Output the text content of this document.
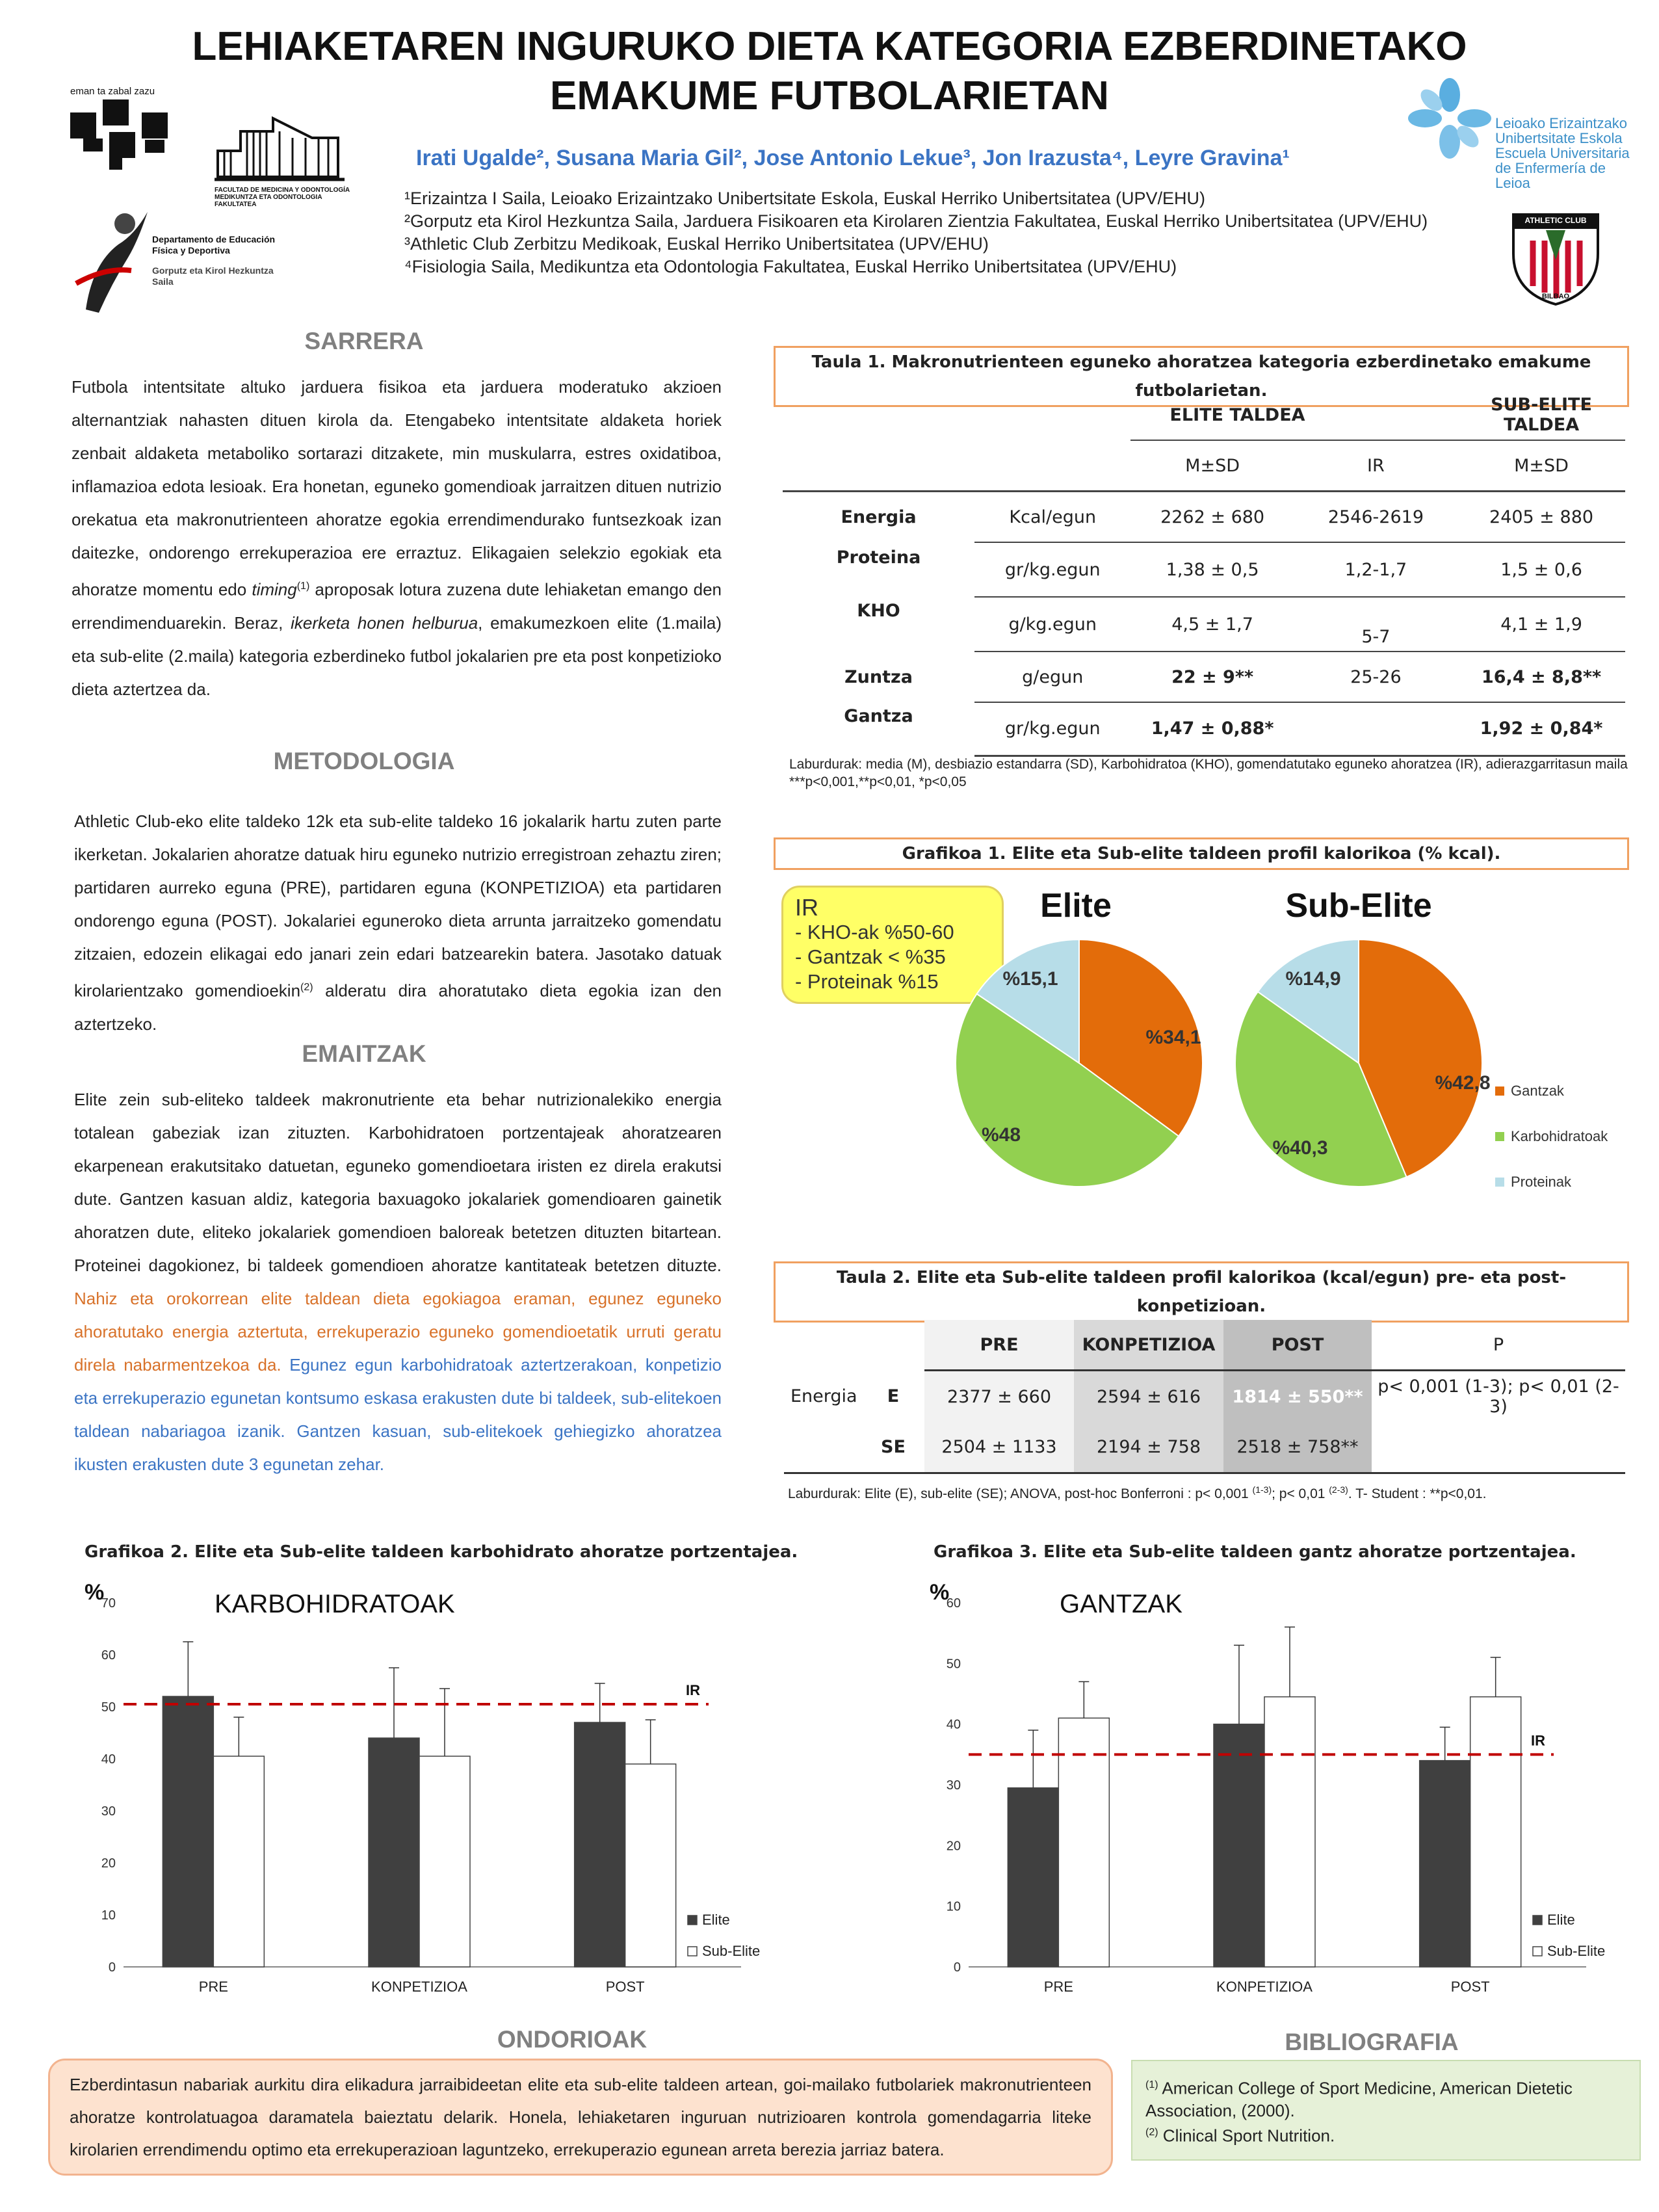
LEHIAKETAREN INGURUKO DIETA KATEGORIA EZBERDINETAKO
EMAKUME FUTBOLARIETAN
eman ta zabal zazu
FACULTAD DE MEDICINA Y ODONTOLOGÍA
MEDIKUNTZA ETA ODONTOLOGIA FAKULTATEA
Departamento de Educación Física y Deportiva
Gorputz eta Kirol Hezkuntza Saila
Leioako Erizaintzako
Unibertsitate Eskola
Escuela Universitaria
de Enfermería de Leioa
ATHLETIC CLUB
BILBAO
Irati Ugalde², Susana Maria Gil², Jose Antonio Lekue³, Jon Irazusta⁴, Leyre Gravina¹
¹Erizaintza I Saila, Leioako Erizaintzako Unibertsitate Eskola, Euskal Herriko Unibertsitatea (UPV/EHU)
²Gorputz eta Kirol Hezkuntza Saila, Jarduera Fisikoaren eta Kirolaren Zientzia Fakultatea, Euskal Herriko Unibertsitatea (UPV/EHU)
³Athletic Club Zerbitzu Medikoak, Euskal Herriko Unibertsitatea (UPV/EHU)
⁴Fisiologia Saila, Medikuntza eta Odontologia Fakultatea, Euskal Herriko Unibertsitatea (UPV/EHU)
SARRERA
Futbola intentsitate altuko jarduera fisikoa eta jarduera moderatuko akzioen alternantziak nahasten dituen kirola da. Etengabeko intentsitate aldaketa horiek zenbait aldaketa metaboliko sortarazi ditzakete, min muskularra, estres oxidatiboa, inflamazioa edota lesioak. Era honetan, eguneko gomendioak jarraitzen dituen nutrizio orekatua eta makronutrienteen ahoratze egokia errendimendurako funtsezkoak izan daitezke, ondorengo errekuperazioa ere erraztuz. Elikagaien selekzio egokiak eta ahoratze momentu edo timing$^{(1)}$ aproposak lotura zuzena dute lehiaketan emango den errendimenduarekin. Beraz, ikerketa honen helburua, emakumezkoen elite (1.maila) eta sub-elite (2.maila) kategoria ezberdineko futbol jokalarien pre eta post konpetizioko dieta aztertzea da.
METODOLOGIA
Athletic Club-eko elite taldeko 12k eta sub-elite taldeko 16 jokalarik hartu zuten parte ikerketan. Jokalarien ahoratze datuak hiru eguneko nutrizio erregistroan zehaztu ziren; partidaren aurreko eguna (PRE), partidaren eguna (KONPETIZIOA) eta partidaren ondorengo eguna (POST). Jokalariei eguneroko dieta arrunta jarraitzeko gomendatu zitzaien, edozein elikagai edo janari zein edari batzearekin batera. Jasotako datuak kirolarientzako gomendioekin$^{(2)}$ alderatu dira ahoratutako dieta egokia izan den aztertzeko.
EMAITZAK
Elite zein sub-eliteko taldeek makronutriente eta behar nutrizionalekiko energia totalean gabeziak izan zituzten. Karbohidratoen portzentajeak ahoratzearen ekarpenean erakutsitako datuetan, eguneko gomendioetara iristen ez direla erakutsi dute. Gantzen kasuan aldiz, kategoria baxuagoko jokalariek gomendioaren gainetik ahoratzen dute, eliteko jokalariek gomendioen baloreak betetzen dituzten bitartean. Proteinei dagokionez, bi taldeek gomendioen ahoratze kantitateak betetzen dituzte. Nahiz eta orokorrean elite taldean dieta egokiagoa eraman, egunez eguneko ahoratutako energia aztertuta, errekuperazio eguneko gomendioetatik urruti geratu direla nabarmentzekoa da. Egunez egun karbohidratoak aztertzerakoan, konpetizio eta errekuperazio egunetan kontsumo eskasa erakusten dute bi taldeek, sub-elitekoen taldean nabariagoa izanik. Gantzen kasuan, sub-elitekoek gehiegizko ahoratzea ikusten erakusten dute 3 egunetan zehar.
Taula 1. Makronutrienteen eguneko ahoratzea kategoria ezberdinetako emakume futbolarietan.
		ELITE TALDEA		SUB-ELITE TALDEA
		M±SD	IR	M±SD
Energia	Kcal/egun	2262 ± 680	2546-2619	2405 ± 880
Proteina	gr/kg.egun	1,38 ± 0,5	1,2-1,7	1,5 ± 0,6
KHO	g/kg.egun	4,5 ± 1,7	5-7	4,1 ± 1,9
Zuntza	g/egun	22 ± 9**	25-26	16,4 ± 8,8**
Gantza	gr/kg.egun	1,47 ± 0,88*		1,92 ± 0,84*
Laburdurak: media (M), desbiazio estandarra (SD), Karbohidratoa (KHO), gomendatutako eguneko ahoratzea (IR), adierazgarritasun maila ***p<0,001,**p<0,01, *p<0,05
Grafikoa 1. Elite eta Sub-elite taldeen profil kalorikoa (% kcal).
IR
- KHO-ak %50-60
- Gantzak < %35
- Proteinak %15
Elite
%34,1
%48
%15,1
Sub-Elite
%42,8
%40,3
%14,9
Gantzak
Karbohidratoak
Proteinak
Taula 2. Elite eta Sub-elite taldeen profil kalorikoa (kcal/egun) pre- eta post-konpetizioan.
		PRE	KONPETIZIOA	POST	P
Energia	E	2377 ± 660	2594 ± 616	1814 ± 550**	p< 0,001 (1-3); p< 0,01 (2-3)
	SE	2504 ± 1133	2194 ± 758	2518 ± 758**	
Laburdurak: Elite (E), sub-elite (SE); ANOVA, post-hoc Bonferroni : p< 0,001 $^{(1-3)}$; p< 0,01 $^{(2-3)}$. T- Student : **p<0,01.
Grafikoa 2. Elite eta Sub-elite taldeen karbohidrato ahoratze portzentajea.	Grafikoa 3. Elite eta Sub-elite taldeen gantz ahoratze portzentajea.
%	KARBOHIDRATOAK
0
10
20
30
40
50
60
70
PRE	KONPETIZIOA	POST
IR
Elite
Sub-Elite
%	GANTZAK
0
10
20
30
40
50
60
PRE	KONPETIZIOA	POST
IR
Elite
Sub-Elite
ONDORIOAK
Ezberdintasun nabariak aurkitu dira elikadura jarraibideetan elite eta sub-elite taldeen artean, goi-mailako futbolariek makronutrienteen ahoratze kontrolatuagoa daramatela baieztatu delarik. Honela, lehiaketaren inguruan nutrizioaren kontrola gomendagarria liteke kirolarien errendimendu optimo eta errekuperazioan laguntzeko, errekuperazio egunean arreta berezia jarriaz batera.
BIBLIOGRAFIA
$^{(1)}$ American College of Sport Medicine, American Dietetic Association, (2000).
$^{(2)}$ Clinical Sport Nutrition.
